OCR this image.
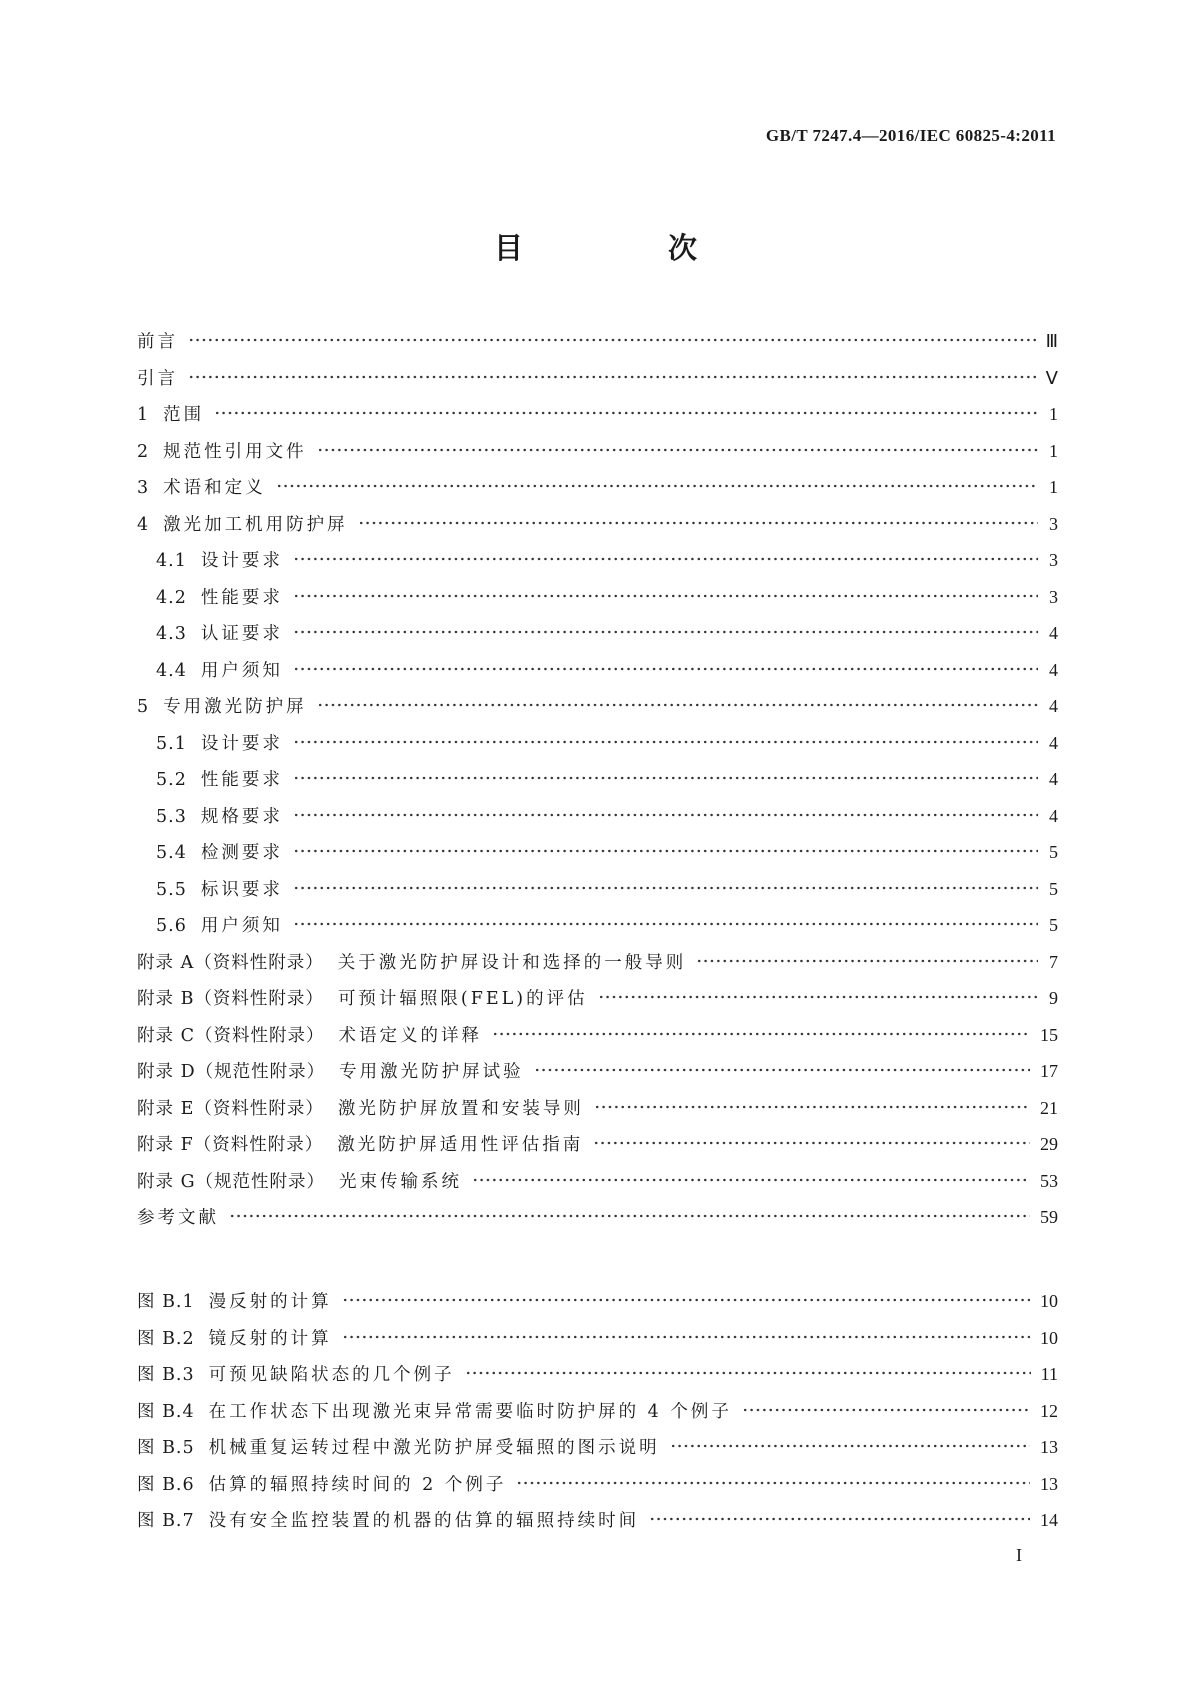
GB/T 7247.4—2016/IEC 60825-4:2011
目　次
前言	Ⅲ
引言	Ⅴ
1 范围	1
2 规范性引用文件	1
3 术语和定义	1
4 激光加工机用防护屏	3
4.1 设计要求	3
4.2 性能要求	3
4.3 认证要求	4
4.4 用户须知	4
5 专用激光防护屏	4
5.1 设计要求	4
5.2 性能要求	4
5.3 规格要求	4
5.4 检测要求	5
5.5 标识要求	5
5.6 用户须知	5
附录 A（资料性附录） 关于激光防护屏设计和选择的一般导则	7
附录 B（资料性附录） 可预计辐照限(FEL)的评估	9
附录 C（资料性附录） 术语定义的详释	15
附录 D（规范性附录） 专用激光防护屏试验	17
附录 E（资料性附录） 激光防护屏放置和安装导则	21
附录 F（资料性附录） 激光防护屏适用性评估指南	29
附录 G（规范性附录） 光束传输系统	53
参考文献	59
图 B.1 漫反射的计算	10
图 B.2 镜反射的计算	10
图 B.3 可预见缺陷状态的几个例子	11
图 B.4 在工作状态下出现激光束异常需要临时防护屏的 4 个例子	12
图 B.5 机械重复运转过程中激光防护屏受辐照的图示说明	13
图 B.6 估算的辐照持续时间的 2 个例子	13
图 B.7 没有安全监控装置的机器的估算的辐照持续时间	14
I
